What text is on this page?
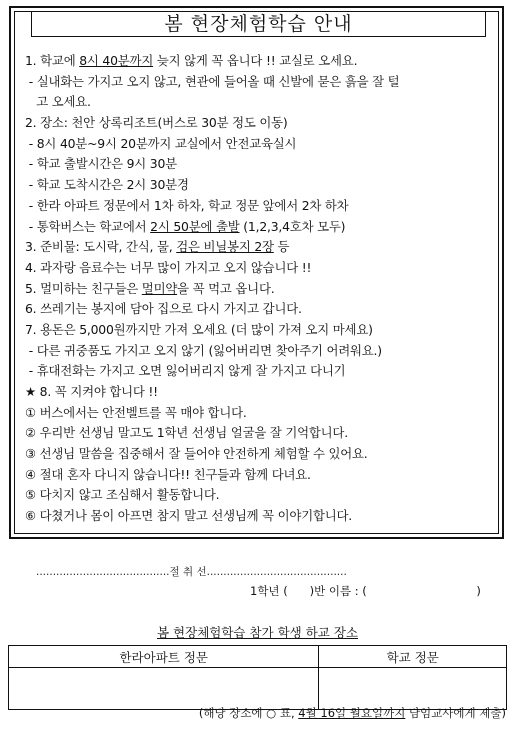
봄 현장체험학습 안내
1. 학교에 8시 40분까지 늦지 않게 꼭 옵니다 !! 교실로 오세요.
- 실내화는 가지고 오지 않고, 현관에 들어올 때 신발에 묻은 흙을 잘 털
고 오세요.
2. 장소: 천안 상록리조트(버스로 30분 정도 이동)
- 8시 40분~9시 20분까지 교실에서 안전교육실시
- 학교 출발시간은 9시 30분
- 학교 도착시간은 2시 30분경
- 한라 아파트 정문에서 1차 하차, 학교 정문 앞에서 2차 하차
- 통학버스는 학교에서 2시 50분에 출발 (1,2,3,4호차 모두)
3. 준비물: 도시락, 간식, 물, 검은 비닐봉지 2장 등
4. 과자랑 음료수는 너무 많이 가지고 오지 않습니다 !!
5. 멀미하는 친구들은 멀미약을 꼭 먹고 옵니다.
6. 쓰레기는 봉지에 담아 집으로 다시 가지고 갑니다.
7. 용돈은 5,000원까지만 가져 오세요 (더 많이 가져 오지 마세요)
- 다른 귀중품도 가지고 오지 않기 (잃어버리면 찾아주기 어려워요.)
- 휴대전화는 가지고 오면 잃어버리지 않게 잘 가지고 다니기
★ 8. 꼭 지켜야 합니다 !!
① 버스에서는 안전벨트를 꼭 매야 합니다.
② 우리반 선생님 말고도 1학년 선생님 얼굴을 잘 기억합니다.
③ 선생님 말씀을 집중해서 잘 들어야 안전하게 체험할 수 있어요.
④ 절대 혼자 다니지 않습니다!! 친구들과 함께 다녀요.
⑤ 다치지 않고 조심해서 활동합니다.
⑥ 다쳤거나 몸이 아프면 참지 말고 선생님께 꼭 이야기합니다.
........................................절 취 선..........................................
1학년 (      )반 이름 : (                              )
봄 현장체험학습 참가 학생 하교 장소
한라아파트 정문	학교 정문

(해당 장소에 ○ 표, 4월 16일 월요일까지 담임교사에게 제출)
